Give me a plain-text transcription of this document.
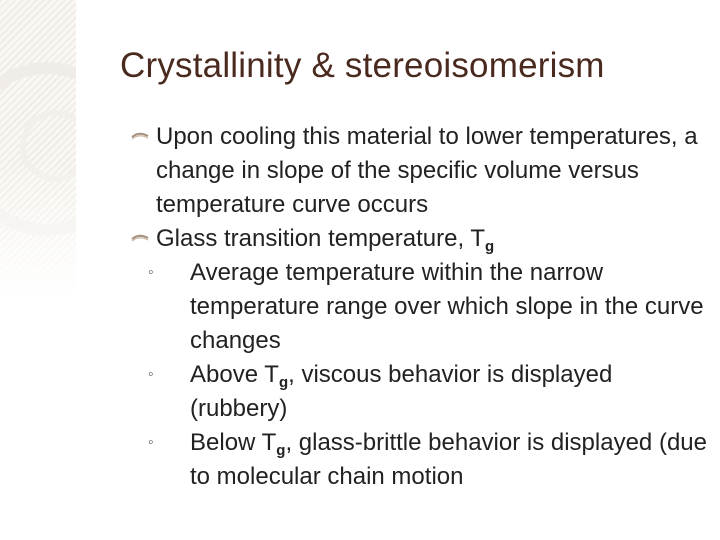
Crystallinity & stereoisomerism
Upon cooling this material to lower temperatures, a change in slope of the specific volume versus temperature curve occurs
Glass transition temperature, $T_g$
◦ Average temperature within the narrow temperature range over which slope in the curve changes
◦ Above $T_g$, viscous behavior is displayed (rubbery)
◦ Below $T_g$, glass-brittle behavior is displayed (due to molecular chain motion
